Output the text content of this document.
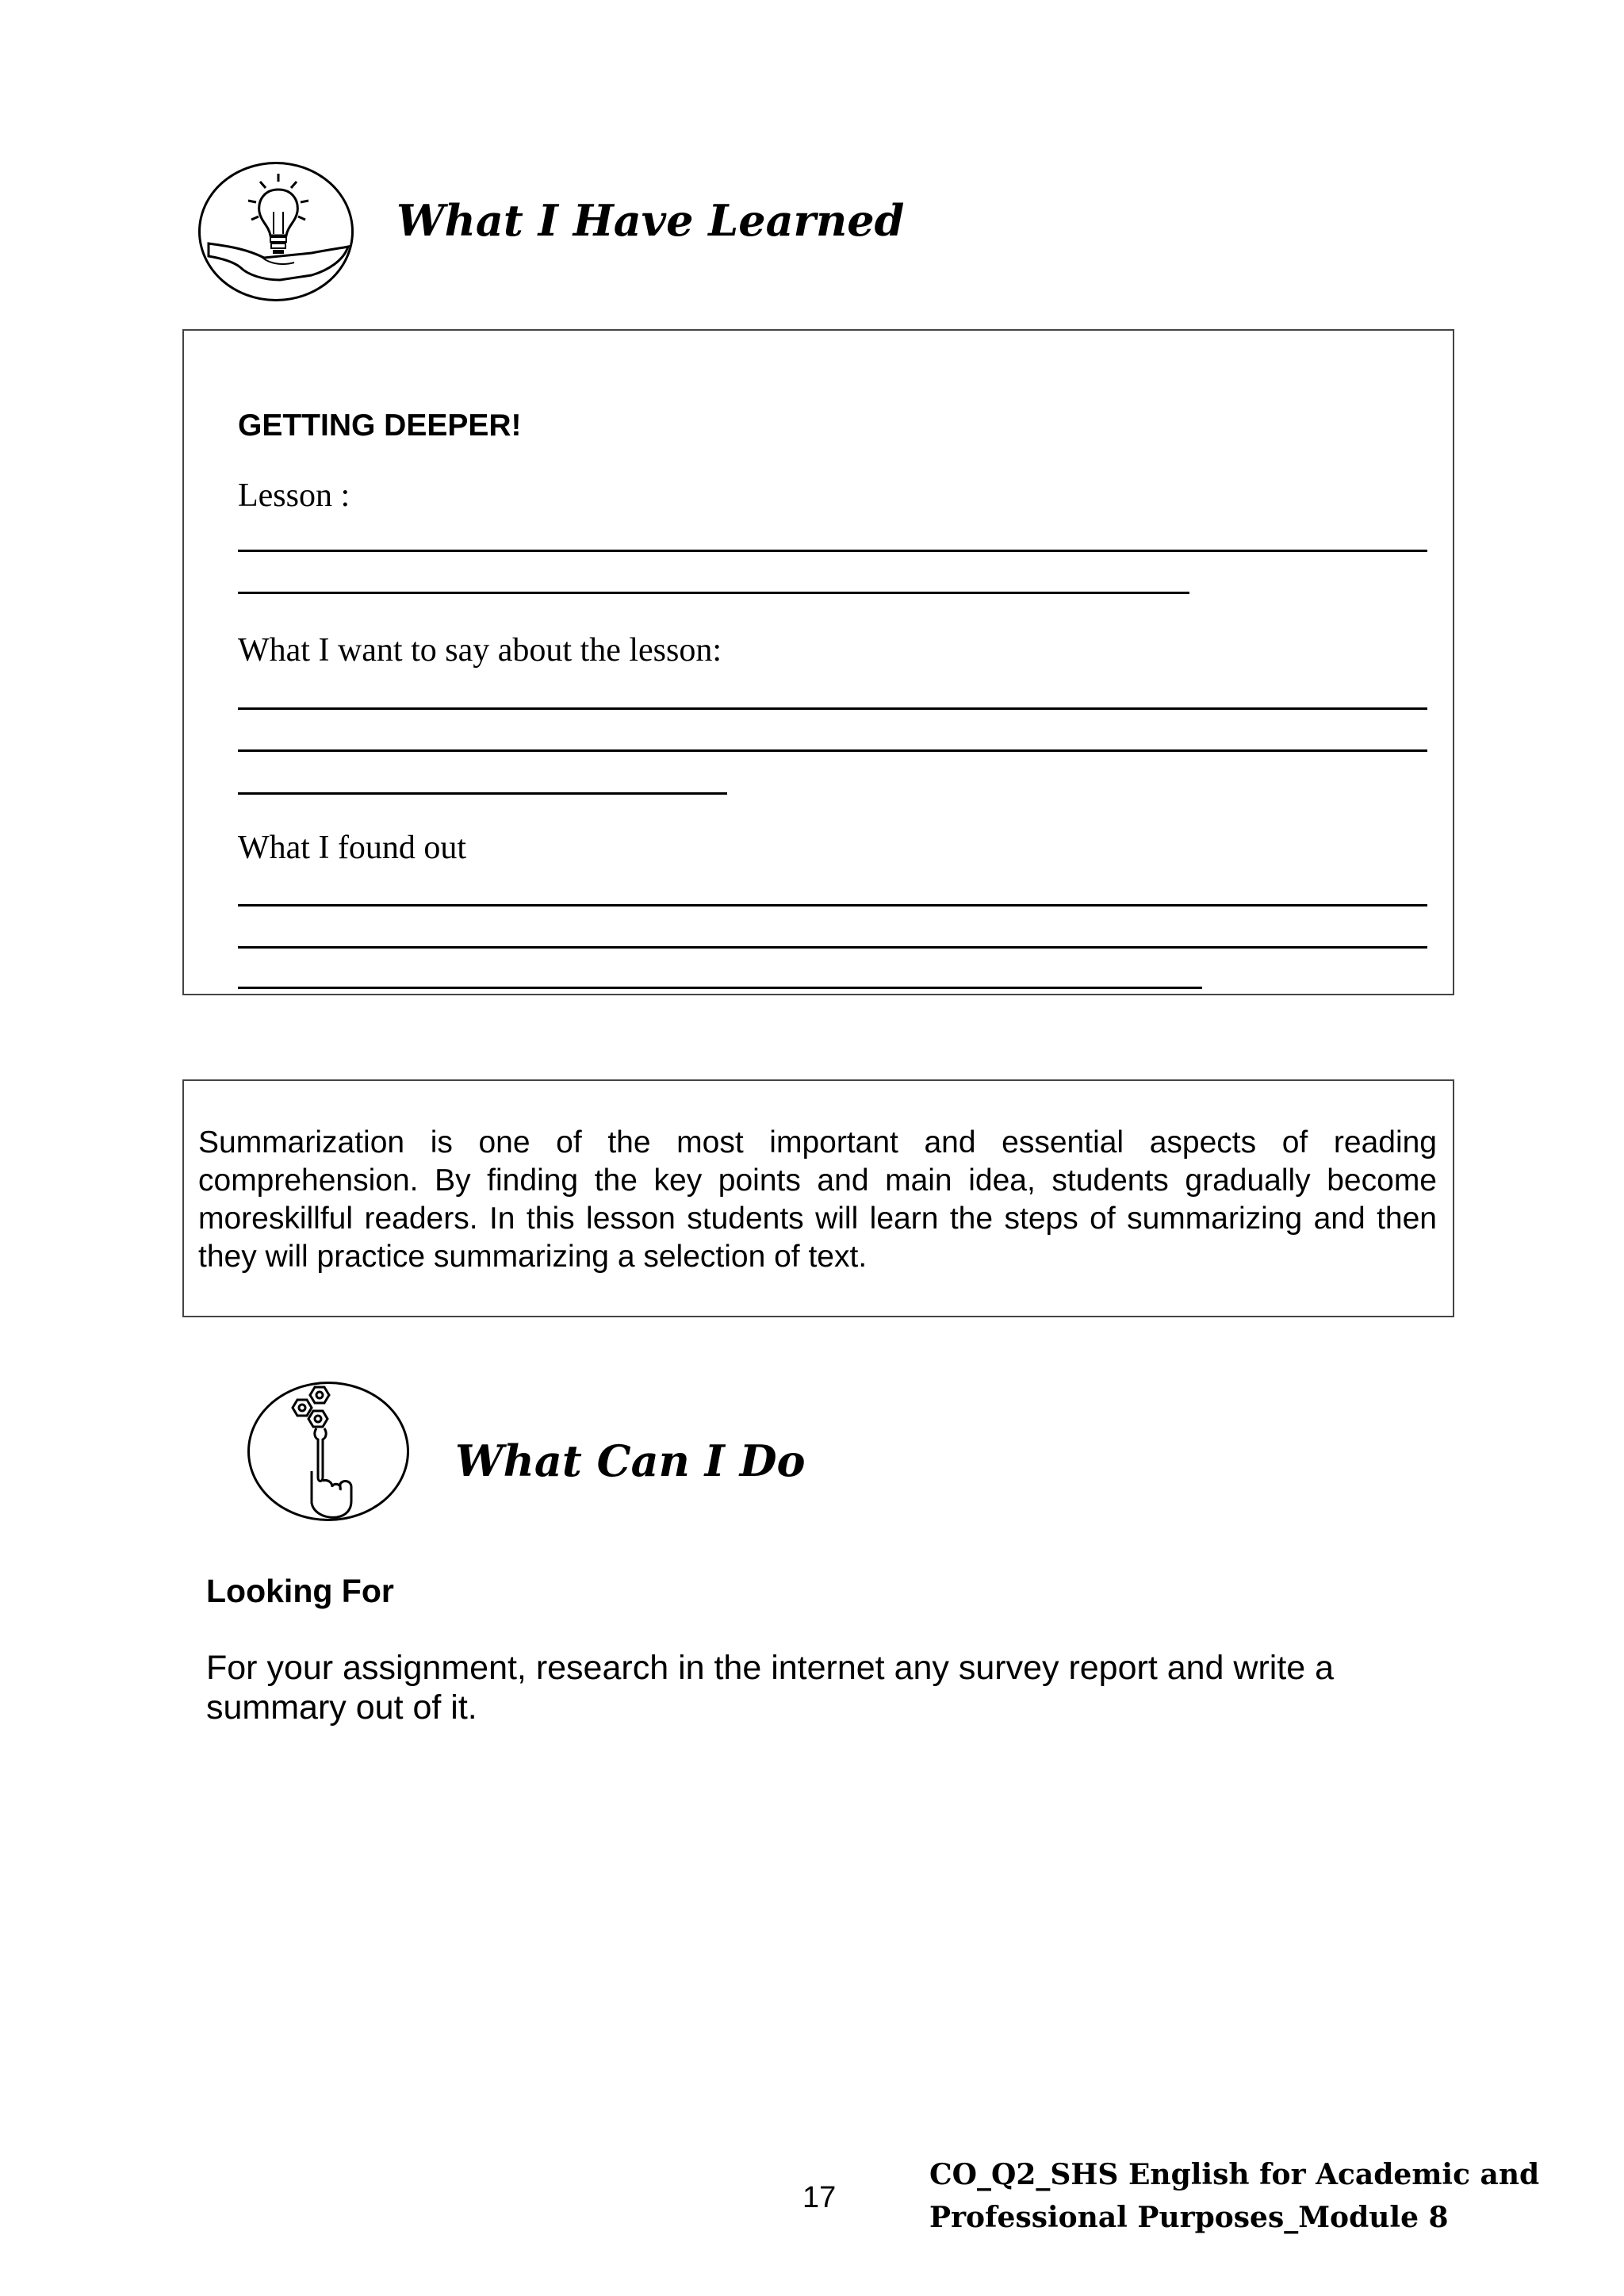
What I Have Learned
GETTING DEEPER!
Lesson :
What I want to say about the lesson:
What I found out

Summarization is one of the most important and essential aspects of reading comprehension. By finding the key points and main idea, students gradually become moreskillful readers. In this lesson students will learn the steps of summarizing and then they will practice summarizing a selection of text.

What Can I Do
Looking For

For your assignment, research in the internet any survey report and write a summary out of it.

17
CO_Q2_SHS English for Academic and
Professional Purposes_Module 8
